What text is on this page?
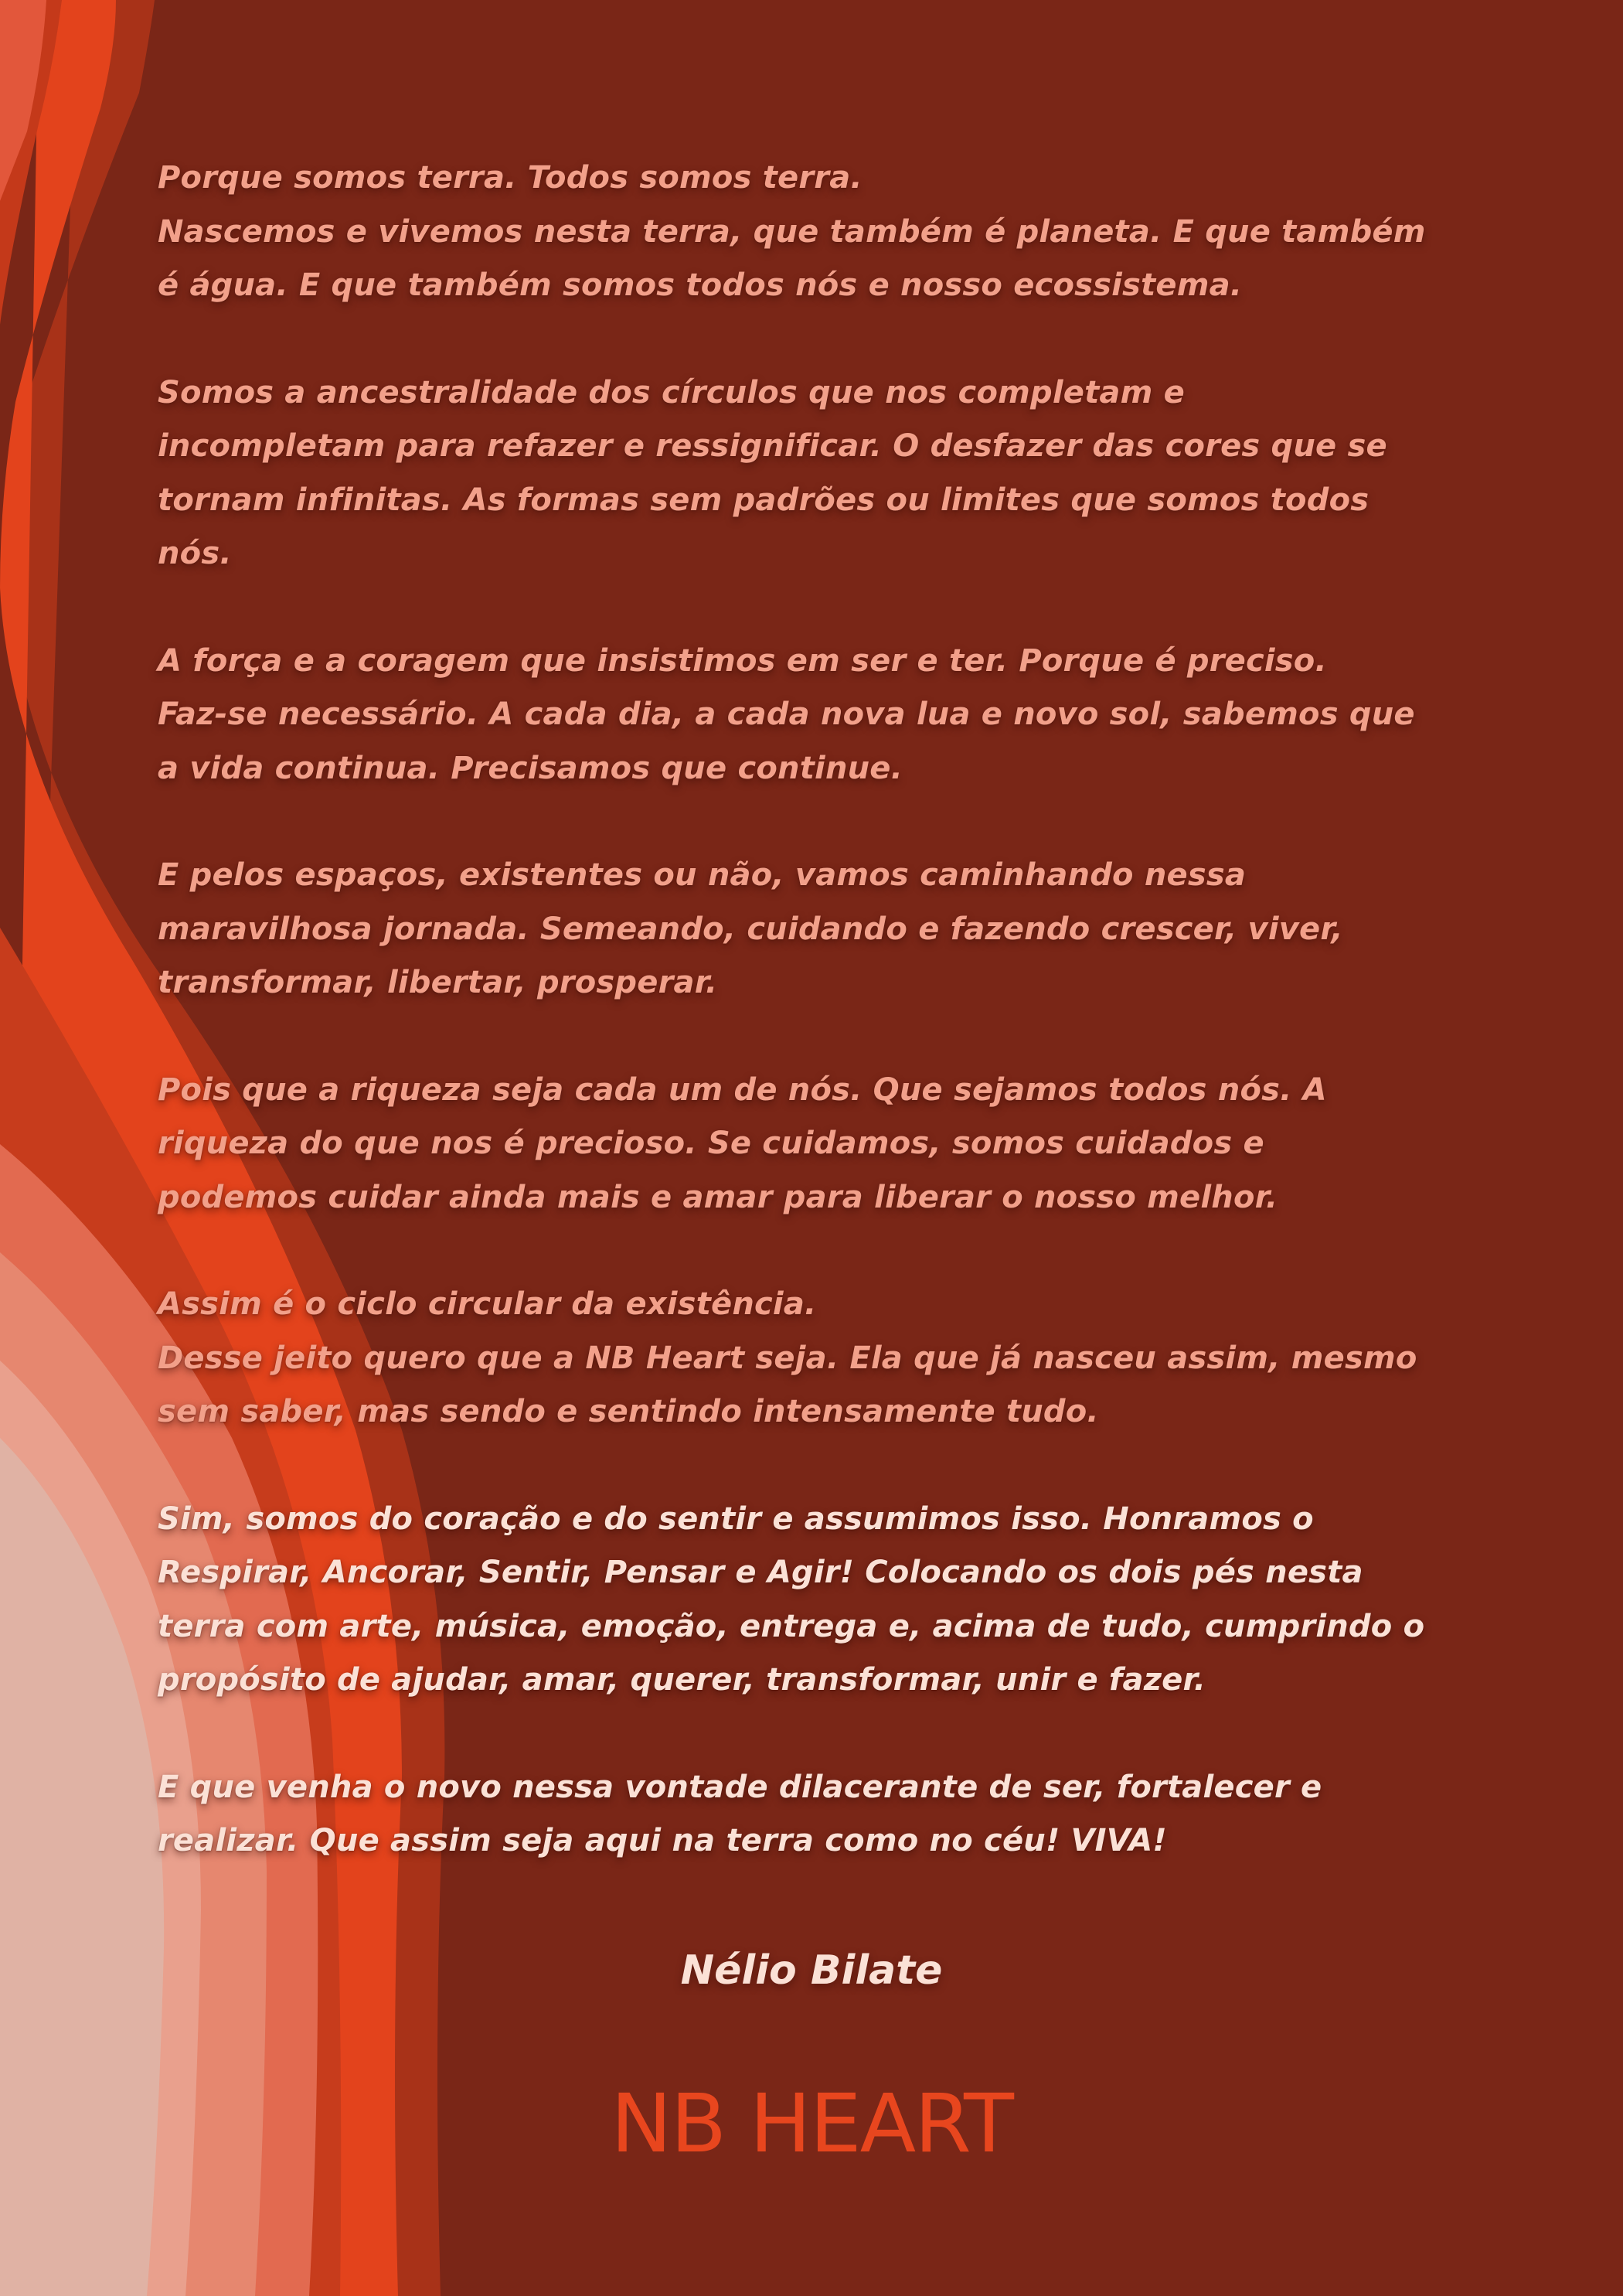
Porque somos terra. Todos somos terra.
Nascemos e vivemos nesta terra, que também é planeta. E que também
é água. E que também somos todos nós e nosso ecossistema.
Somos a ancestralidade dos círculos que nos completam e
incompletam para refazer e ressignificar. O desfazer das cores que se
tornam infinitas. As formas sem padrões ou limites que somos todos
nós.
A força e a coragem que insistimos em ser e ter. Porque é preciso.
Faz-se necessário. A cada dia, a cada nova lua e novo sol, sabemos que
a vida continua. Precisamos que continue.
E pelos espaços, existentes ou não, vamos caminhando nessa
maravilhosa jornada. Semeando, cuidando e fazendo crescer, viver,
transformar, libertar, prosperar.
Pois que a riqueza seja cada um de nós. Que sejamos todos nós. A
riqueza do que nos é precioso. Se cuidamos, somos cuidados e
podemos cuidar ainda mais e amar para liberar o nosso melhor.
Assim é o ciclo circular da existência.
Desse jeito quero que a NB Heart seja. Ela que já nasceu assim, mesmo
sem saber, mas sendo e sentindo intensamente tudo.
Sim, somos do coração e do sentir e assumimos isso. Honramos o
Respirar, Ancorar, Sentir, Pensar e Agir! Colocando os dois pés nesta
terra com arte, música, emoção, entrega e, acima de tudo, cumprindo o
propósito de ajudar, amar, querer, transformar, unir e fazer.
E que venha o novo nessa vontade dilacerante de ser, fortalecer e
realizar. Que assim seja aqui na terra como no céu! VIVA!
Nélio Bilate
NB HEART
